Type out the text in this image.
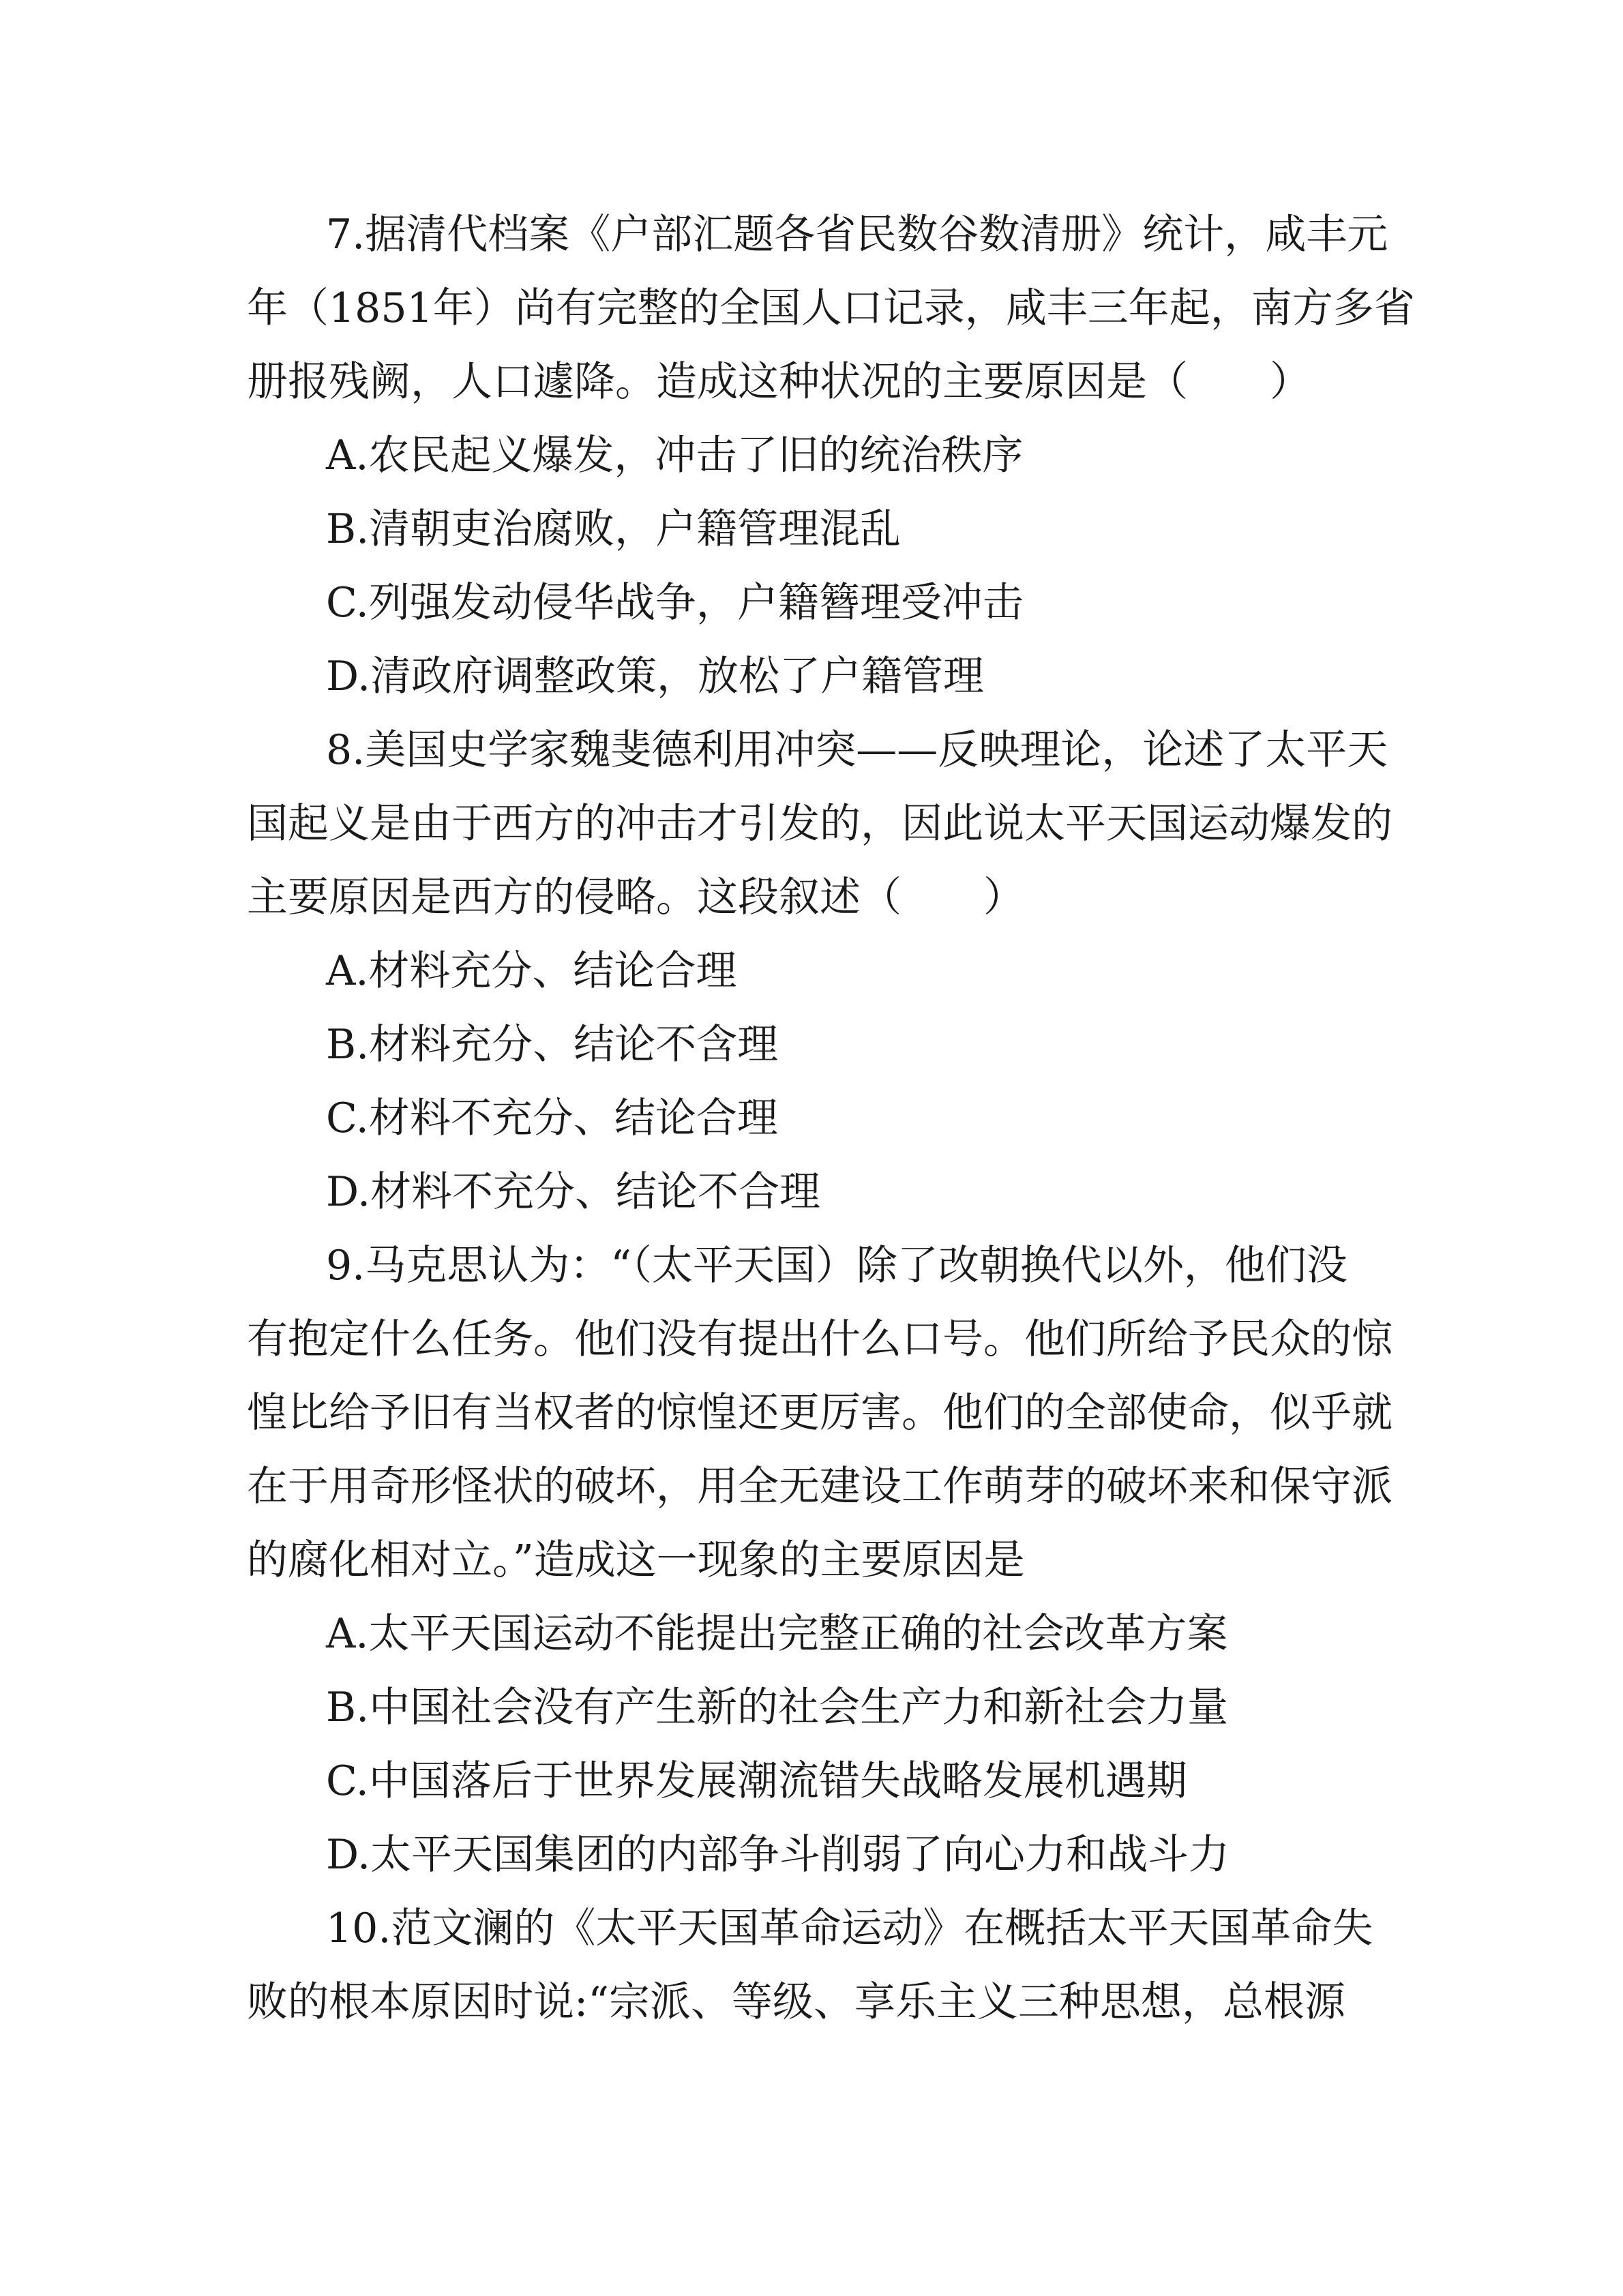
7.据清代档案《户部汇题各省民数谷数清册》统计，咸丰元
年（1851年）尚有完整的全国人口记录，咸丰三年起，南方多省
册报残阙，人口遽降。造成这种状况的主要原因是（　　）
A.农民起义爆发，冲击了旧的统治秩序
B.清朝吏治腐败，户籍管理混乱
C.列强发动侵华战争，户籍簪理受冲击
D.清政府调整政策，放松了户籍管理
8.美国史学家魏斐德利用冲突——反映理论，论述了太平天
国起义是由于西方的冲击才引发的，因此说太平天国运动爆发的
主要原因是西方的侵略。这段叙述（　　）
A.材料充分、结论合理
B.材料充分、结论不含理
C.材料不充分、结论合理
D.材料不充分、结论不合理
9.马克思认为：“（太平天国）除了改朝换代以外，他们没
有抱定什么任务。他们没有提出什么口号。他们所给予民众的惊
惶比给予旧有当权者的惊惶还更厉害。他们的全部使命，似乎就
在于用奇形怪状的破坏，用全无建设工作萌芽的破坏来和保守派
的腐化相对立。”造成这一现象的主要原因是
A.太平天国运动不能提出完整正确的社会改革方案
B.中国社会没有产生新的社会生产力和新社会力量
C.中国落后于世界发展潮流错失战略发展机遇期
D.太平天国集团的内部争斗削弱了向心力和战斗力
10.范文澜的《太平天国革命运动》在概括太平天国革命失
败的根本原因时说:“宗派、等级、享乐主义三种思想，总根源
